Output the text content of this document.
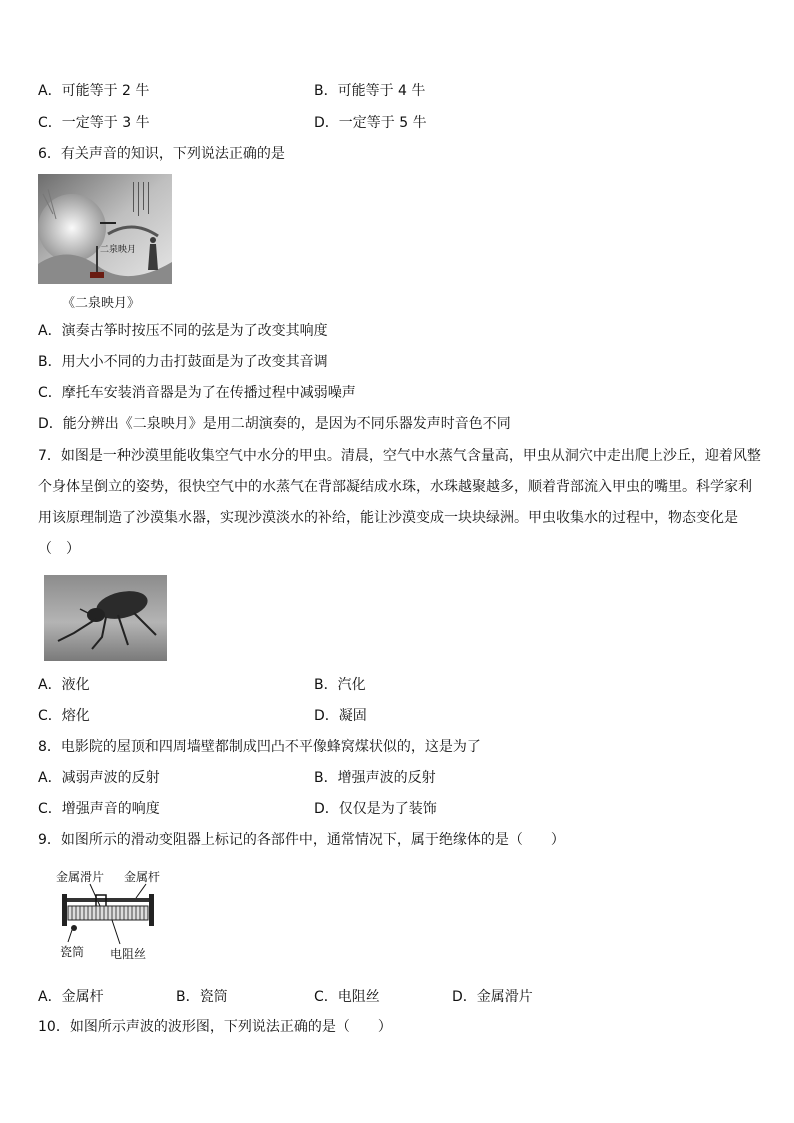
A．可能等于 2 牛	B．可能等于 4 牛
C．一定等于 3 牛	D．一定等于 5 牛
6．有关声音的知识，下列说法正确的是
二泉映月
《二泉映月》
A．演奏古筝时按压不同的弦是为了改变其响度
B．用大小不同的力击打鼓面是为了改变其音调
C．摩托车安装消音器是为了在传播过程中减弱噪声
D．能分辨出《二泉映月》是用二胡演奏的，是因为不同乐器发声时音色不同
7．如图是一种沙漠里能收集空气中水分的甲虫。清晨，空气中水蒸气含量高，甲虫从洞穴中走出爬上沙丘，迎着风整
个身体呈倒立的姿势，很快空气中的水蒸气在背部凝结成水珠，水珠越聚越多，顺着背部流入甲虫的嘴里。科学家利
用该原理制造了沙漠集水器，实现沙漠淡水的补给，能让沙漠变成一块块绿洲。甲虫收集水的过程中，物态变化是
（　）
A．液化	B．汽化
C．熔化	D．凝固
8．电影院的屋顶和四周墙壁都制成凹凸不平像蜂窝煤状似的，这是为了
A．减弱声波的反射	B．增强声波的反射
C．增强声音的响度	D．仅仅是为了装饰
9．如图所示的滑动变阻器上标记的各部件中，通常情况下，属于绝缘体的是（　　）
金属滑片 金属杆
瓷筒 电阻丝
A．金属杆	B．瓷筒	C．电阻丝	D．金属滑片
10．如图所示声波的波形图，下列说法正确的是（　　）
